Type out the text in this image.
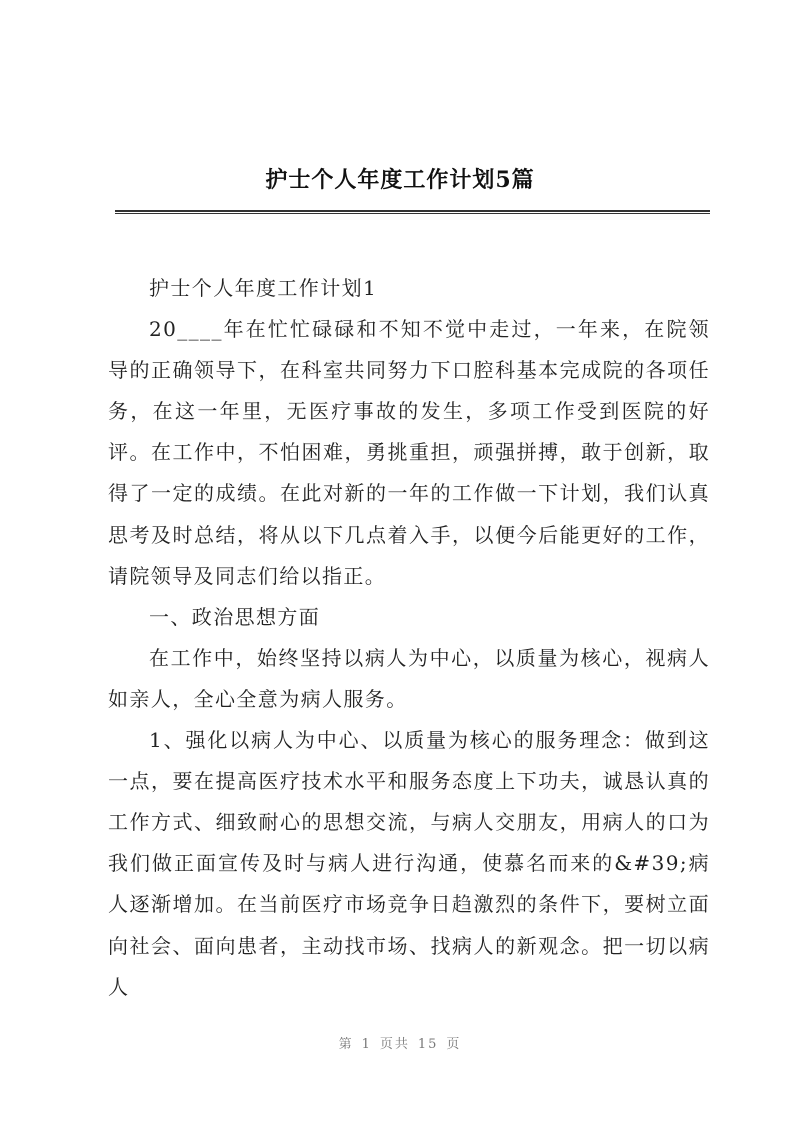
护士个人年度工作计划5篇

护士个人年度工作计划1

20____年在忙忙碌碌和不知不觉中走过，一年来，在院领导的正确领导下，在科室共同努力下口腔科基本完成院的各项任务，在这一年里，无医疗事故的发生，多项工作受到医院的好评。在工作中，不怕困难，勇挑重担，顽强拼搏，敢于创新，取得了一定的成绩。在此对新的一年的工作做一下计划，我们认真思考及时总结，将从以下几点着入手，以便今后能更好的工作，请院领导及同志们给以指正。

一、政治思想方面

在工作中，始终坚持以病人为中心，以质量为核心，视病人如亲人，全心全意为病人服务。

1、强化以病人为中心、以质量为核心的服务理念：做到这一点，要在提高医疗技术水平和服务态度上下功夫，诚恳认真的工作方式、细致耐心的思想交流，与病人交朋友，用病人的口为我们做正面宣传及时与病人进行沟通，使慕名而来的&#39;病人逐渐增加。在当前医疗市场竞争日趋激烈的条件下，要树立面向社会、面向患者，主动找市场、找病人的新观念。把一切以病人

第 1 页共 15 页
